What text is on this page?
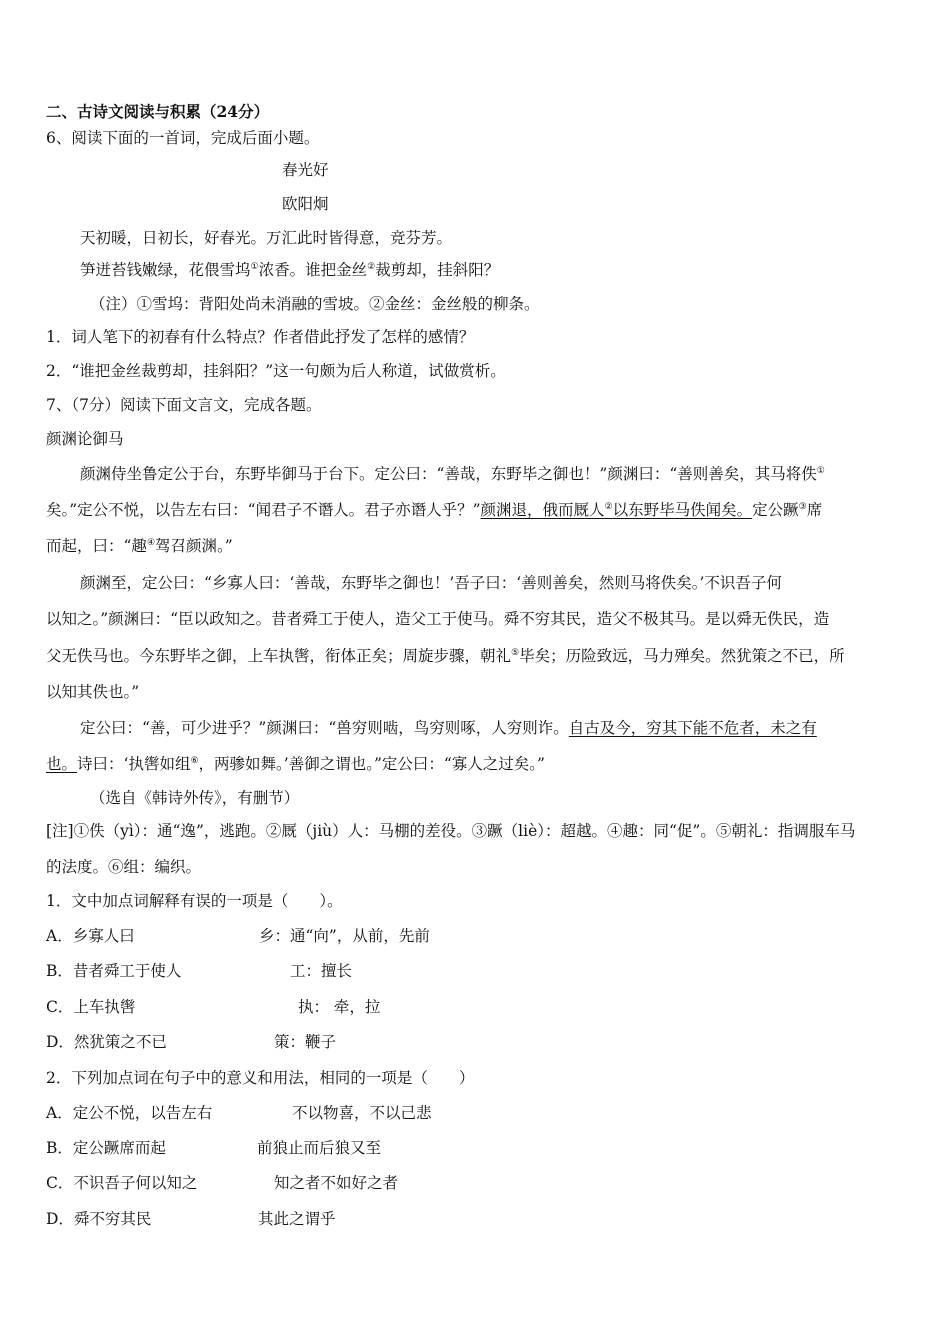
二、古诗文阅读与积累（24分）
6、阅读下面的一首词，完成后面小题。
春光好
欧阳炯
天初暖，日初长，好春光。万汇此时皆得意，竞芬芳。
笋迸苔钱嫩绿，花偎雪坞①浓香。谁把金丝②裁剪却，挂斜阳？
（注）①雪坞：背阳处尚未消融的雪坡。②金丝：金丝般的柳条。
1．词人笔下的初春有什么特点？作者借此抒发了怎样的感情？
2．“谁把金丝裁剪却，挂斜阳？”这一句颇为后人称道，试做赏析。
7、（7分）阅读下面文言文，完成各题。
颜渊论御马
颜渊侍坐鲁定公于台，东野毕御马于台下。定公曰：“善哉，东野毕之御也！”颜渊曰：“善则善矣，其马将佚①
矣。”定公不悦，以告左右曰：“闻君子不谮人。君子亦谮人乎？”颜渊退，俄而厩人②以东野毕马佚闻矣。定公蹶③席
而起，曰：“趣④驾召颜渊。”
颜渊至，定公曰：“乡寡人曰：‘善哉，东野毕之御也！’吾子曰：‘善则善矣，然则马将佚矣。’不识吾子何
以知之。”颜渊曰：“臣以政知之。昔者舜工于使人，造父工于使马。舜不穷其民，造父不极其马。是以舜无佚民，造
父无佚马也。今东野毕之御，上车执辔，衔体正矣；周旋步骤，朝礼⑤毕矣；历险致远，马力殚矣。然犹策之不已，所
以知其佚也。”
定公曰：“善，可少进乎？”颜渊曰：“兽穷则啮，鸟穷则啄，人穷则诈。自古及今，穷其下能不危者，未之有
也。诗曰：‘执辔如组⑥，两骖如舞。’善御之谓也。”定公曰：“寡人之过矣。”
（选自《韩诗外传》，有删节）
[注]①佚（yì）：通“逸”，逃跑。②厩（jiù）人：马棚的差役。③蹶（liè）：超越。④趣：同“促”。⑤朝礼：指调服车马
的法度。⑥组：编织。
1．文中加点词解释有误的一项是（　　）。
A．乡寡人曰	乡：通“向”，从前，先前
B．昔者舜工于使人	工：擅长
C．上车执辔	执： 牵，拉
D．然犹策之不已	策：鞭子
2．下列加点词在句子中的意义和用法，相同的一项是（　　）
A．定公不悦，以告左右	不以物喜，不以己悲
B．定公蹶席而起	前狼止而后狼又至
C．不识吾子何以知之	知之者不如好之者
D．舜不穷其民	其此之谓乎
